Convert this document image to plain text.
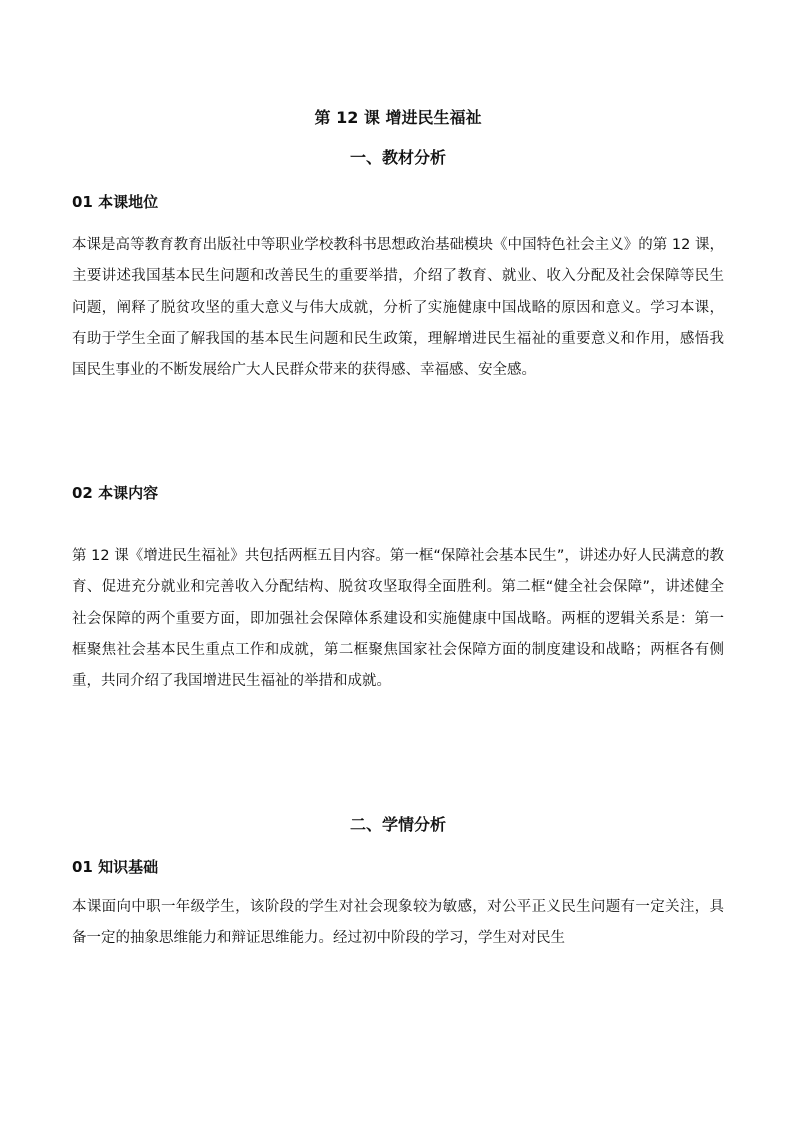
第 12 课 增进民生福祉
一、教材分析
01 本课地位

本课是高等教育教育出版社中等职业学校教科书思想政治基础模块《中国特色社会主义》的第 12 课，主要讲述我国基本民生问题和改善民生的重要举措，介绍了教育、就业、收入分配及社会保障等民生问题，阐释了脱贫攻坚的重大意义与伟大成就，分析了实施健康中国战略的原因和意义。学习本课，有助于学生全面了解我国的基本民生问题和民生政策，理解增进民生福祉的重要意义和作用，感悟我国民生事业的不断发展给广大人民群众带来的获得感、幸福感、安全感。

02 本课内容

第 12 课《增进民生福祉》共包括两框五目内容。第一框“保障社会基本民生”，讲述办好人民满意的教育、促进充分就业和完善收入分配结构、脱贫攻坚取得全面胜利。第二框“健全社会保障”，讲述健全社会保障的两个重要方面，即加强社会保障体系建设和实施健康中国战略。两框的逻辑关系是：第一框聚焦社会基本民生重点工作和成就，第二框聚焦国家社会保障方面的制度建设和战略；两框各有侧重，共同介绍了我国增进民生福祉的举措和成就。

二、学情分析
01 知识基础

本课面向中职一年级学生，该阶段的学生对社会现象较为敏感，对公平正义民生问题有一定关注，具备一定的抽象思维能力和辩证思维能力。经过初中阶段的学习，学生对对民生
